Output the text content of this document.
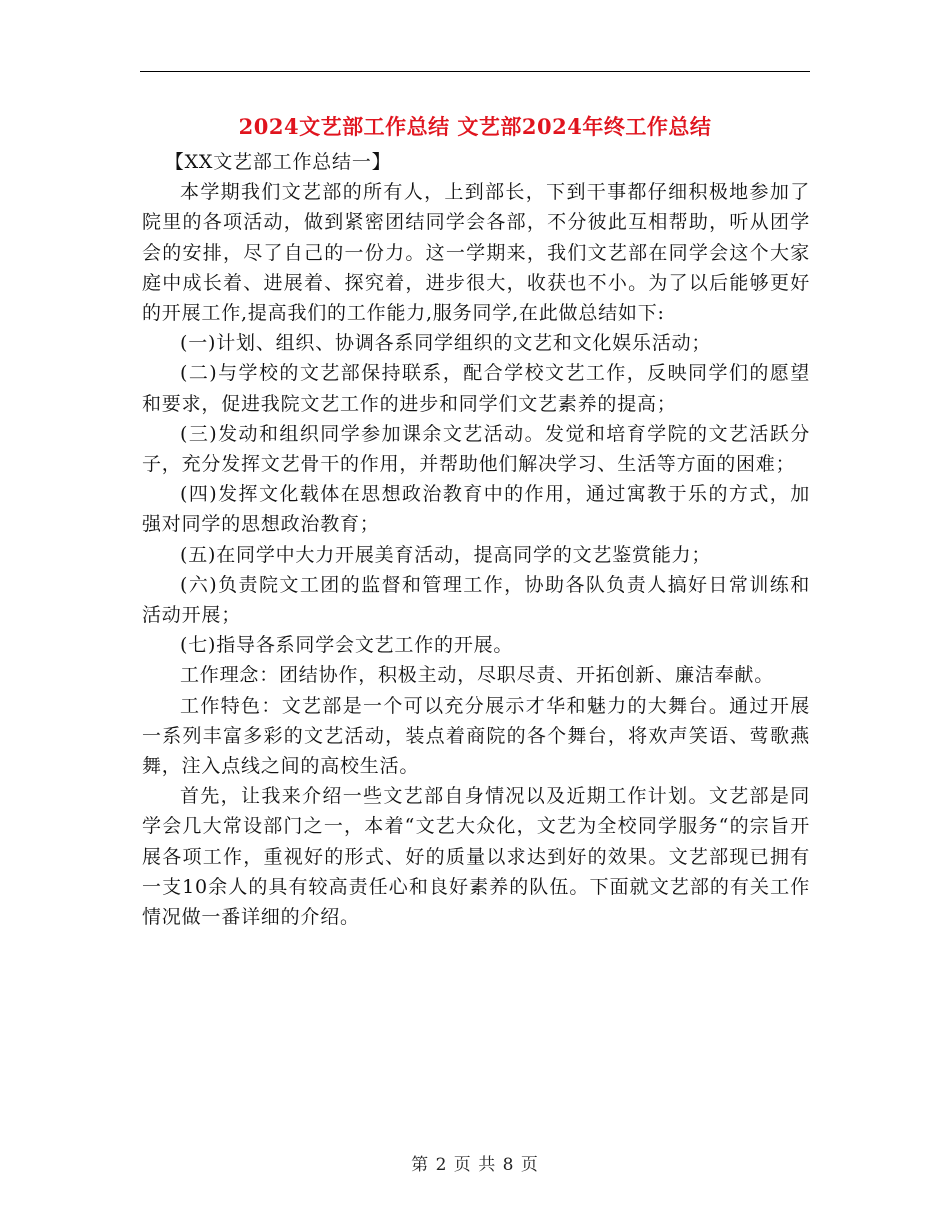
2024文艺部工作总结 文艺部2024年终工作总结

【XX文艺部工作总结一】

本学期我们文艺部的所有人，上到部长，下到干事都仔细积极地参加了院里的各项活动，做到紧密团结同学会各部，不分彼此互相帮助，听从团学会的安排，尽了自己的一份力。这一学期来，我们文艺部在同学会这个大家庭中成长着、进展着、探究着，进步很大，收获也不小。为了以后能够更好的开展工作,提高我们的工作能力,服务同学,在此做总结如下:

(一)计划、组织、协调各系同学组织的文艺和文化娱乐活动；

(二)与学校的文艺部保持联系，配合学校文艺工作，反映同学们的愿望和要求，促进我院文艺工作的进步和同学们文艺素养的提高；

(三)发动和组织同学参加课余文艺活动。发觉和培育学院的文艺活跃分子，充分发挥文艺骨干的作用，并帮助他们解决学习、生活等方面的困难；

(四)发挥文化载体在思想政治教育中的作用，通过寓教于乐的方式，加强对同学的思想政治教育；

(五)在同学中大力开展美育活动，提高同学的文艺鉴赏能力；

(六)负责院文工团的监督和管理工作，协助各队负责人搞好日常训练和活动开展；

(七)指导各系同学会文艺工作的开展。

工作理念：团结协作，积极主动，尽职尽责、开拓创新、廉洁奉献。

工作特色：文艺部是一个可以充分展示才华和魅力的大舞台。通过开展一系列丰富多彩的文艺活动，装点着商院的各个舞台，将欢声笑语、莺歌燕舞，注入点线之间的高校生活。

首先，让我来介绍一些文艺部自身情况以及近期工作计划。文艺部是同学会几大常设部门之一，本着“文艺大众化，文艺为全校同学服务“的宗旨开展各项工作，重视好的形式、好的质量以求达到好的效果。文艺部现已拥有一支10余人的具有较高责任心和良好素养的队伍。下面就文艺部的有关工作情况做一番详细的介绍。

第 2 页 共 8 页
